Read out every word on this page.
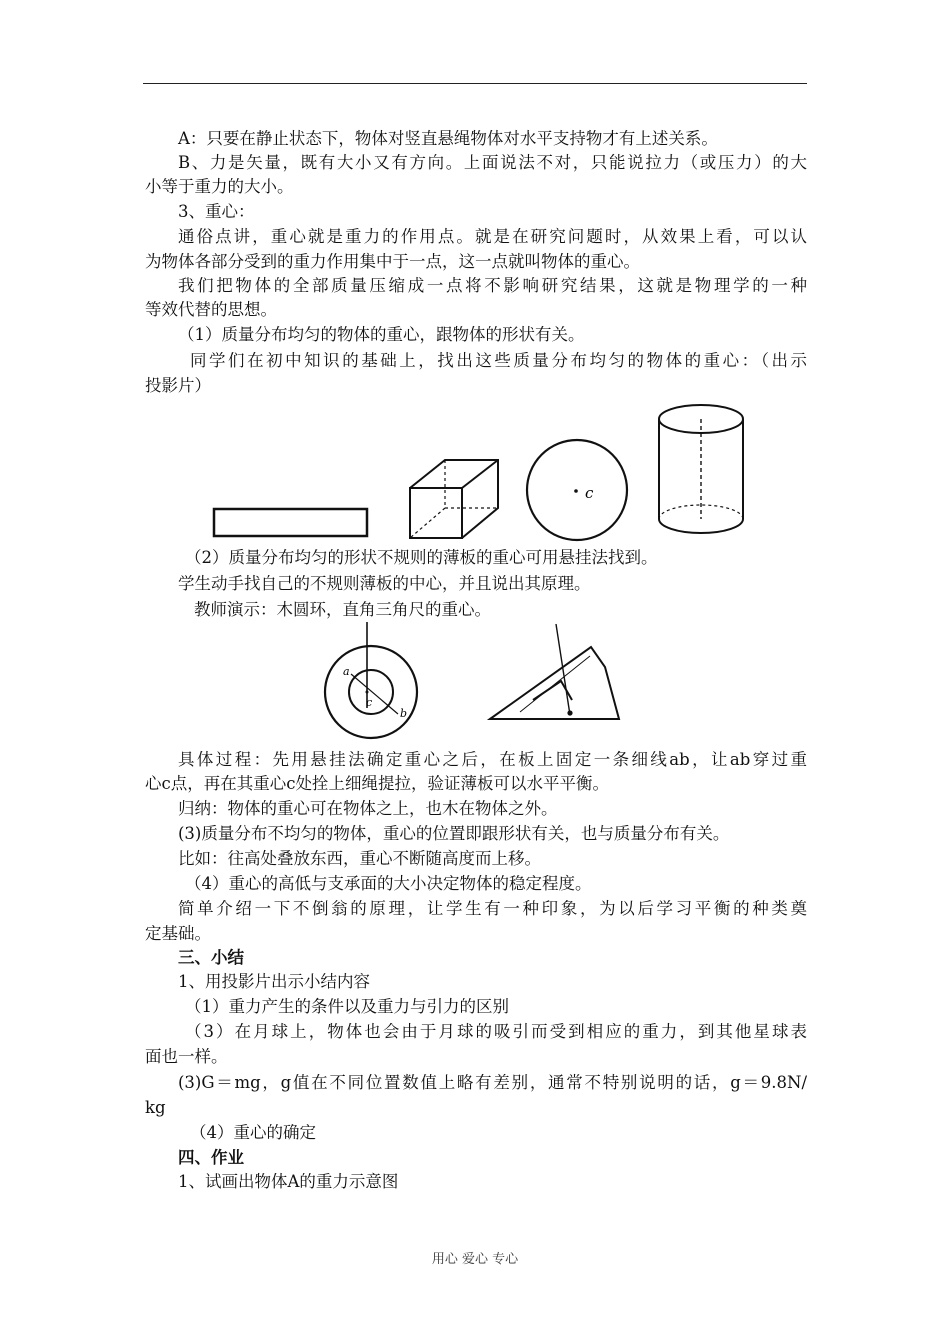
A：只要在静止状态下，物体对竖直悬绳物体对水平支持物才有上述关系。
B、力是矢量，既有大小又有方向。上面说法不对，只能说拉力（或压力）的大
小等于重力的大小。
3、重心：
通俗点讲，重心就是重力的作用点。就是在研究问题时，从效果上看，可以认
为物体各部分受到的重力作用集中于一点，这一点就叫物体的重心。
我们把物体的全部质量压缩成一点将不影响研究结果，这就是物理学的一种
等效代替的思想。
（1）质量分布均匀的物体的重心，跟物体的形状有关。
同学们在初中知识的基础上，找出这些质量分布均匀的物体的重心：（出示
投影片）
c
（2）质量分布均匀的形状不规则的薄板的重心可用悬挂法找到。
学生动手找自己的不规则薄板的中心，并且说出其原理。
教师演示：木圆环，直角三角尺的重心。
a
c
b
具体过程：先用悬挂法确定重心之后，在板上固定一条细线ab，让ab穿过重
心c点，再在其重心c处拴上细绳提拉，验证薄板可以水平平衡。
归纳：物体的重心可在物体之上，也木在物体之外。
(3)质量分布不均匀的物体，重心的位置即跟形状有关，也与质量分布有关。
比如：往高处叠放东西，重心不断随高度而上移。
（4）重心的高低与支承面的大小决定物体的稳定程度。
简单介绍一下不倒翁的原理，让学生有一种印象，为以后学习平衡的种类奠
定基础。
三、小结
1、用投影片出示小结内容
（1）重力产生的条件以及重力与引力的区别
（3）在月球上，物体也会由于月球的吸引而受到相应的重力，到其他星球表
面也一样。
(3)G＝mg，g值在不同位置数值上略有差别，通常不特别说明的话，g＝9.8N/
kg
（4）重心的确定
四、作业
1、试画出物体A的重力示意图
用心 爱心 专心
